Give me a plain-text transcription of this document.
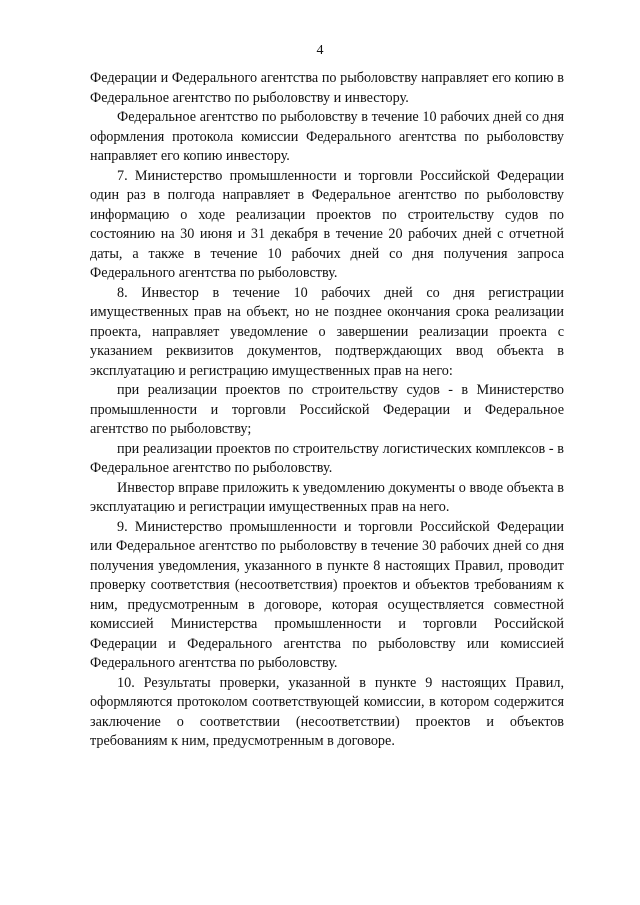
4

Федерации и Федерального агентства по рыболовству направляет его копию в Федеральное агентство по рыболовству и инвестору.

Федеральное агентство по рыболовству в течение 10 рабочих дней со дня оформления протокола комиссии Федерального агентства по рыболовству направляет его копию инвестору.

7. Министерство промышленности и торговли Российской Федерации один раз в полгода направляет в Федеральное агентство по рыболовству информацию о ходе реализации проектов по строительству судов по состоянию на 30 июня и 31 декабря в течение 20 рабочих дней с отчетной даты, а также в течение 10 рабочих дней со дня получения запроса Федерального агентства по рыболовству.

8. Инвестор в течение 10 рабочих дней со дня регистрации имущественных прав на объект, но не позднее окончания срока реализации проекта, направляет уведомление о завершении реализации проекта с указанием реквизитов документов, подтверждающих ввод объекта в эксплуатацию и регистрацию имущественных прав на него:

при реализации проектов по строительству судов - в Министерство промышленности и торговли Российской Федерации и Федеральное агентство по рыболовству;

при реализации проектов по строительству логистических комплексов - в Федеральное агентство по рыболовству.

Инвестор вправе приложить к уведомлению документы о вводе объекта в эксплуатацию и регистрации имущественных прав на него.

9. Министерство промышленности и торговли Российской Федерации или Федеральное агентство по рыболовству в течение 30 рабочих дней со дня получения уведомления, указанного в пункте 8 настоящих Правил, проводит проверку соответствия (несоответствия) проектов и объектов требованиям к ним, предусмотренным в договоре, которая осуществляется совместной комиссией Министерства промышленности и торговли Российской Федерации и Федерального агентства по рыболовству или комиссией Федерального агентства по рыболовству.

10. Результаты проверки, указанной в пункте 9 настоящих Правил, оформляются протоколом соответствующей комиссии, в котором содержится заключение о соответствии (несоответствии) проектов и объектов требованиям к ним, предусмотренным в договоре.
